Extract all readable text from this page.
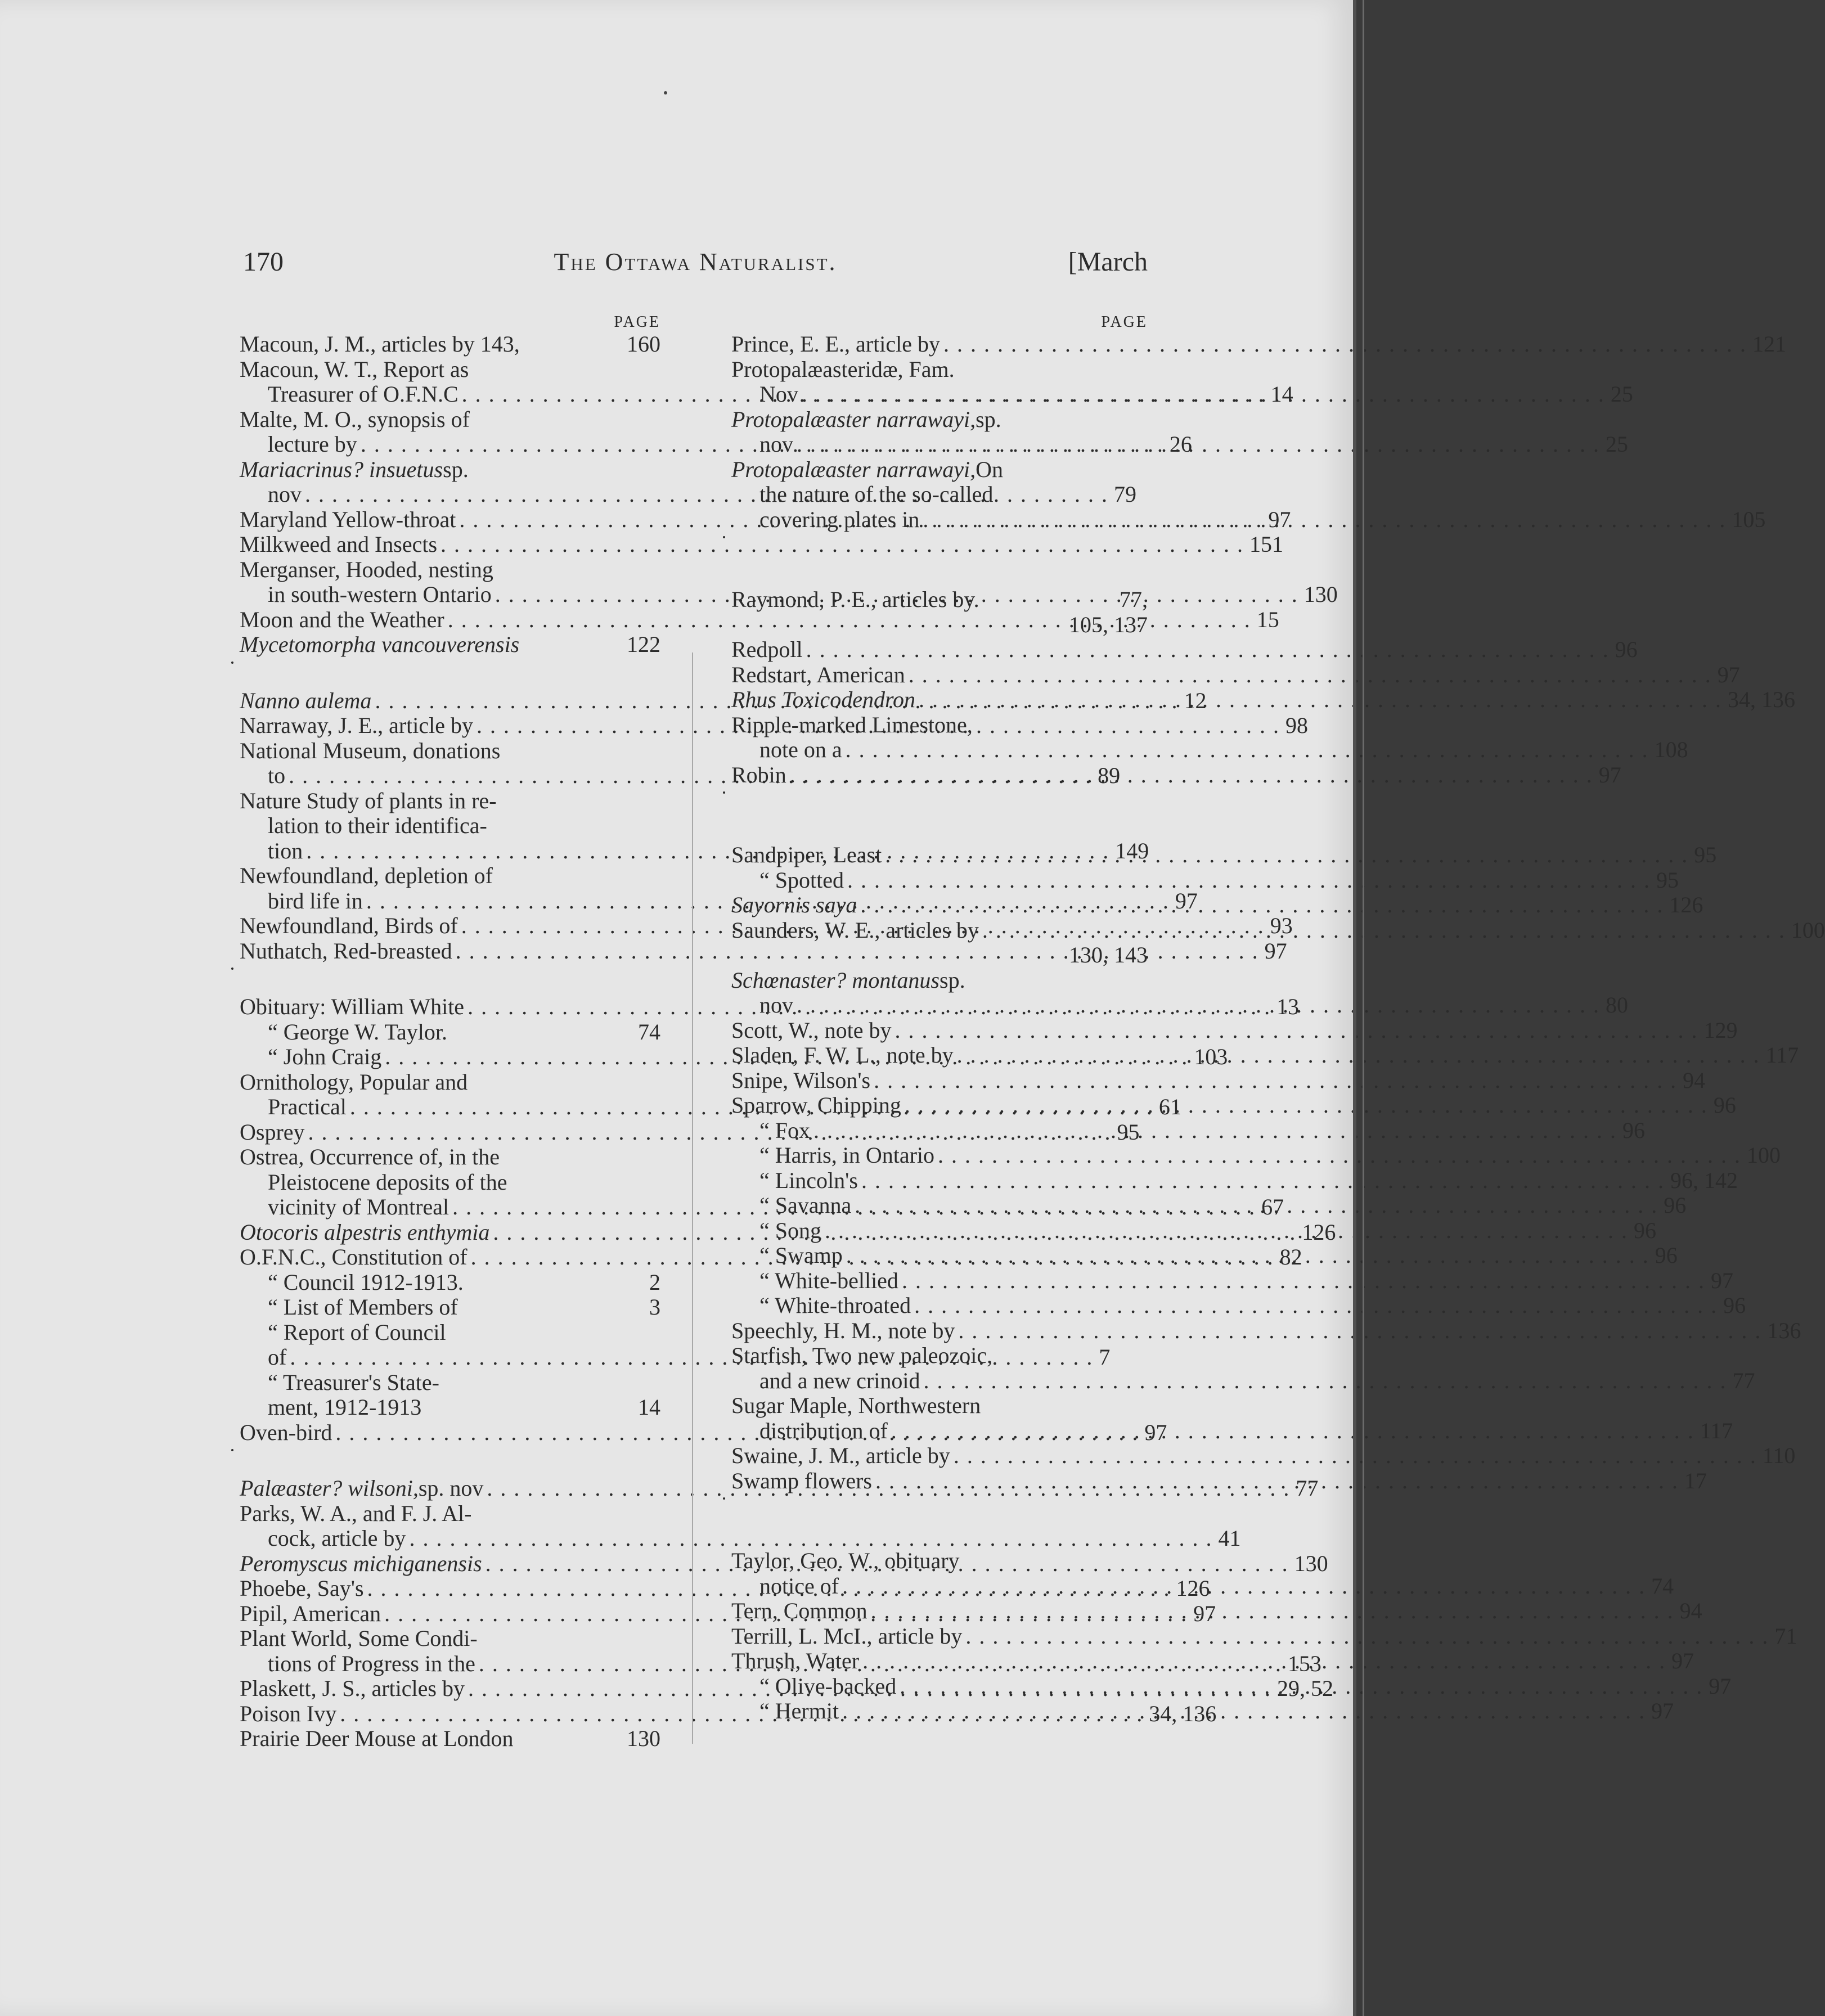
170	The Ottawa Naturalist.	[March
PAGE
Macoun, J. M., articles by 143,	160
Macoun, W. T., Report as
Treasurer of O.F.N.C . . .	14
Malte, M. O., synopsis of
lecture by . . .	26
Mariacrinus? insuetus sp.
nov . . .	79
Maryland Yellow-throat . . .	97
Milkweed and Insects . . .	151
Merganser, Hooded, nesting
in south-western Ontario . . .	130
Moon and the Weather . . .	15
Mycetomorpha vancouverensis	122
•
Nanno aulema . . .	12
Narraway, J. E., article by . . .	98
National Museum, donations
to . . .	89
Nature Study of plants in re-
lation to their identifica-
tion . . .	149
Newfoundland, depletion of
bird life in . . .	97
Newfoundland, Birds of . . .	93
Nuthatch, Red-breasted . . .	97
•
Obituary: William White . . .	13
“ George W. Taylor.	74
“ John Craig . . .	103
Ornithology, Popular and
Practical . . .	61
Osprey . . .	95
Ostrea, Occurrence of, in the
Pleistocene deposits of the
vicinity of Montreal . . .	67
Otocoris alpestris enthymia . . .	126
O.F.N.C., Constitution of . . .	82
“ Council 1912-1913.	2
“ List of Members of	3
“ Report of Council
of . . .	7
“ Treasurer's State-
ment, 1912-1913	14
Oven-bird . . .	97
•
Palæaster? wilsoni, sp. nov . . .	77
Parks, W. A., and F. J. Al-
cock, article by . . .	41
Peromyscus michiganensis . . .	130
Phoebe, Say's . . .	126
Pipil, American . . .	97
Plant World, Some Condi-
tions of Progress in the . . .	153
Plaskett, J. S., articles by . . .	29, 52
Poison Ivy . . .	34, 136
Prairie Deer Mouse at London	130
PAGE
Prince, E. E., article by . . .	121
Protopalæasteridæ, Fam.
Nov . . .	25
Protopalæaster narrawayi, sp.
nov . . .	25
Protopalæaster narrawayi, On
the nature of the so-called
covering plates in . . .	105
•
Raymond, P. E., articles by.	77,
105, 137
Redpoll . . .	96
Redstart, American . . .	97
Rhus Toxicodendron . . .	34, 136
Ripple-marked Limestone,
note on a . . .	108
Robin . . .	97
•
Sandpiper, Least . . .	95
“ Spotted . . .	95
Sayornis saya . . .	126
Saunders, W. E., articles by . . .	100
130, 143
Schœnaster? montanus sp.
nov . . .	80
Scott, W., note by . . .	129
Sladen, F. W. L., note by . . .	117
Snipe, Wilson's . . .	94
Sparrow, Chipping . . .	96
“ Fox . . .	96
“ Harris, in Ontario . . .	100
“ Lincoln's . . .	96, 142
“ Savanna . . .	96
“ Song . . .	96
“ Swamp . . .	96
“ White-bellied . . .	97
“ White-throated . . .	96
Speechly, H. M., note by . . .	136
Starfish, Two new paleozoic,
and a new crinoid . . .	77
Sugar Maple, Northwestern
distribution of . . .	117
Swaine, J. M., article by . . .	110
Swamp flowers . . .	17
•
Taylor, Geo. W., obituary
notice of . . .	74
Tern, Common . . .	94
Terrill, L. McI., article by . . .	71
Thrush, Water . . .	97
“ Olive-backed . . .	97
“ Hermit . . .	97
